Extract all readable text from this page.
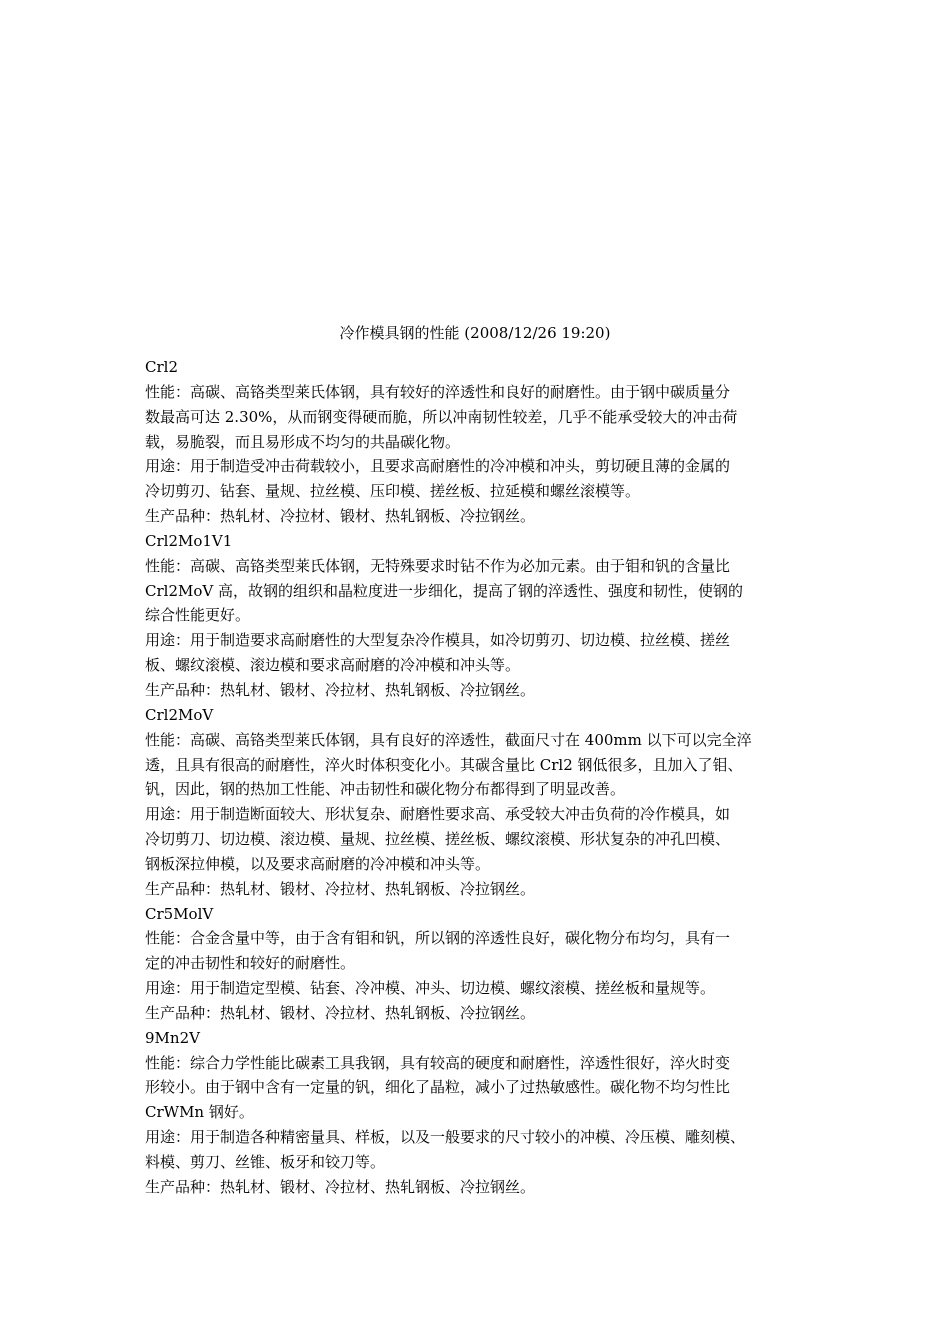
冷作模具钢的性能 (2008/12/26 19:20)

Crl2

性能：高碳、高铬类型莱氏体钢，具有较好的淬透性和良好的耐磨性。由于钢中碳质量分

数最高可达 2.30%，从而钢变得硬而脆，所以冲南韧性较差，几乎不能承受较大的冲击荷

载，易脆裂，而且易形成不均匀的共晶碳化物。

用途：用于制造受冲击荷载较小，且要求高耐磨性的冷冲模和冲头，剪切硬且薄的金属的

冷切剪刃、钻套、量规、拉丝模、压印模、搓丝板、拉延模和螺丝滚模等。

生产品种：热轧材、冷拉材、锻材、热轧钢板、冷拉钢丝。

Crl2Mo1V1

性能：高碳、高铬类型莱氏体钢，无特殊要求时钻不作为必加元素。由于钼和钒的含量比

Crl2MoV 高，故钢的组织和晶粒度进一步细化，提高了钢的淬透性、强度和韧性，使钢的

综合性能更好。

用途：用于制造要求高耐磨性的大型复杂冷作模具，如冷切剪刃、切边模、拉丝模、搓丝

板、螺纹滚模、滚边模和要求高耐磨的冷冲模和冲头等。

生产品种：热轧材、锻材、冷拉材、热轧钢板、冷拉钢丝。

Crl2MoV

性能：高碳、高铬类型莱氏体钢，具有良好的淬透性，截面尺寸在 400mm 以下可以完全淬

透，且具有很高的耐磨性，淬火时体积变化小。其碳含量比 Crl2 钢低很多，且加入了钼、

钒，因此，钢的热加工性能、冲击韧性和碳化物分布都得到了明显改善。

用途：用于制造断面较大、形状复杂、耐磨性要求高、承受较大冲击负荷的冷作模具，如

冷切剪刀、切边模、滚边模、量规、拉丝模、搓丝板、螺纹滚模、形状复杂的冲孔凹模、

钢板深拉伸模，以及要求高耐磨的冷冲模和冲头等。

生产品种：热轧材、锻材、冷拉材、热轧钢板、冷拉钢丝。

Cr5MolV

性能：合金含量中等，由于含有钼和钒，所以钢的淬透性良好，碳化物分布均匀，具有一

定的冲击韧性和较好的耐磨性。

用途：用于制造定型模、钻套、冷冲模、冲头、切边模、螺纹滚模、搓丝板和量规等。

生产品种：热轧材、锻材、冷拉材、热轧钢板、冷拉钢丝。

9Mn2V

性能：综合力学性能比碳素工具我钢，具有较高的硬度和耐磨性，淬透性很好，淬火时变

形较小。由于钢中含有一定量的钒，细化了晶粒，减小了过热敏感性。碳化物不均匀性比

CrWMn 钢好。

用途：用于制造各种精密量具、样板，以及一般要求的尺寸较小的冲模、冷压模、雕刻模、

料模、剪刀、丝锥、板牙和铰刀等。

生产品种：热轧材、锻材、冷拉材、热轧钢板、冷拉钢丝。
